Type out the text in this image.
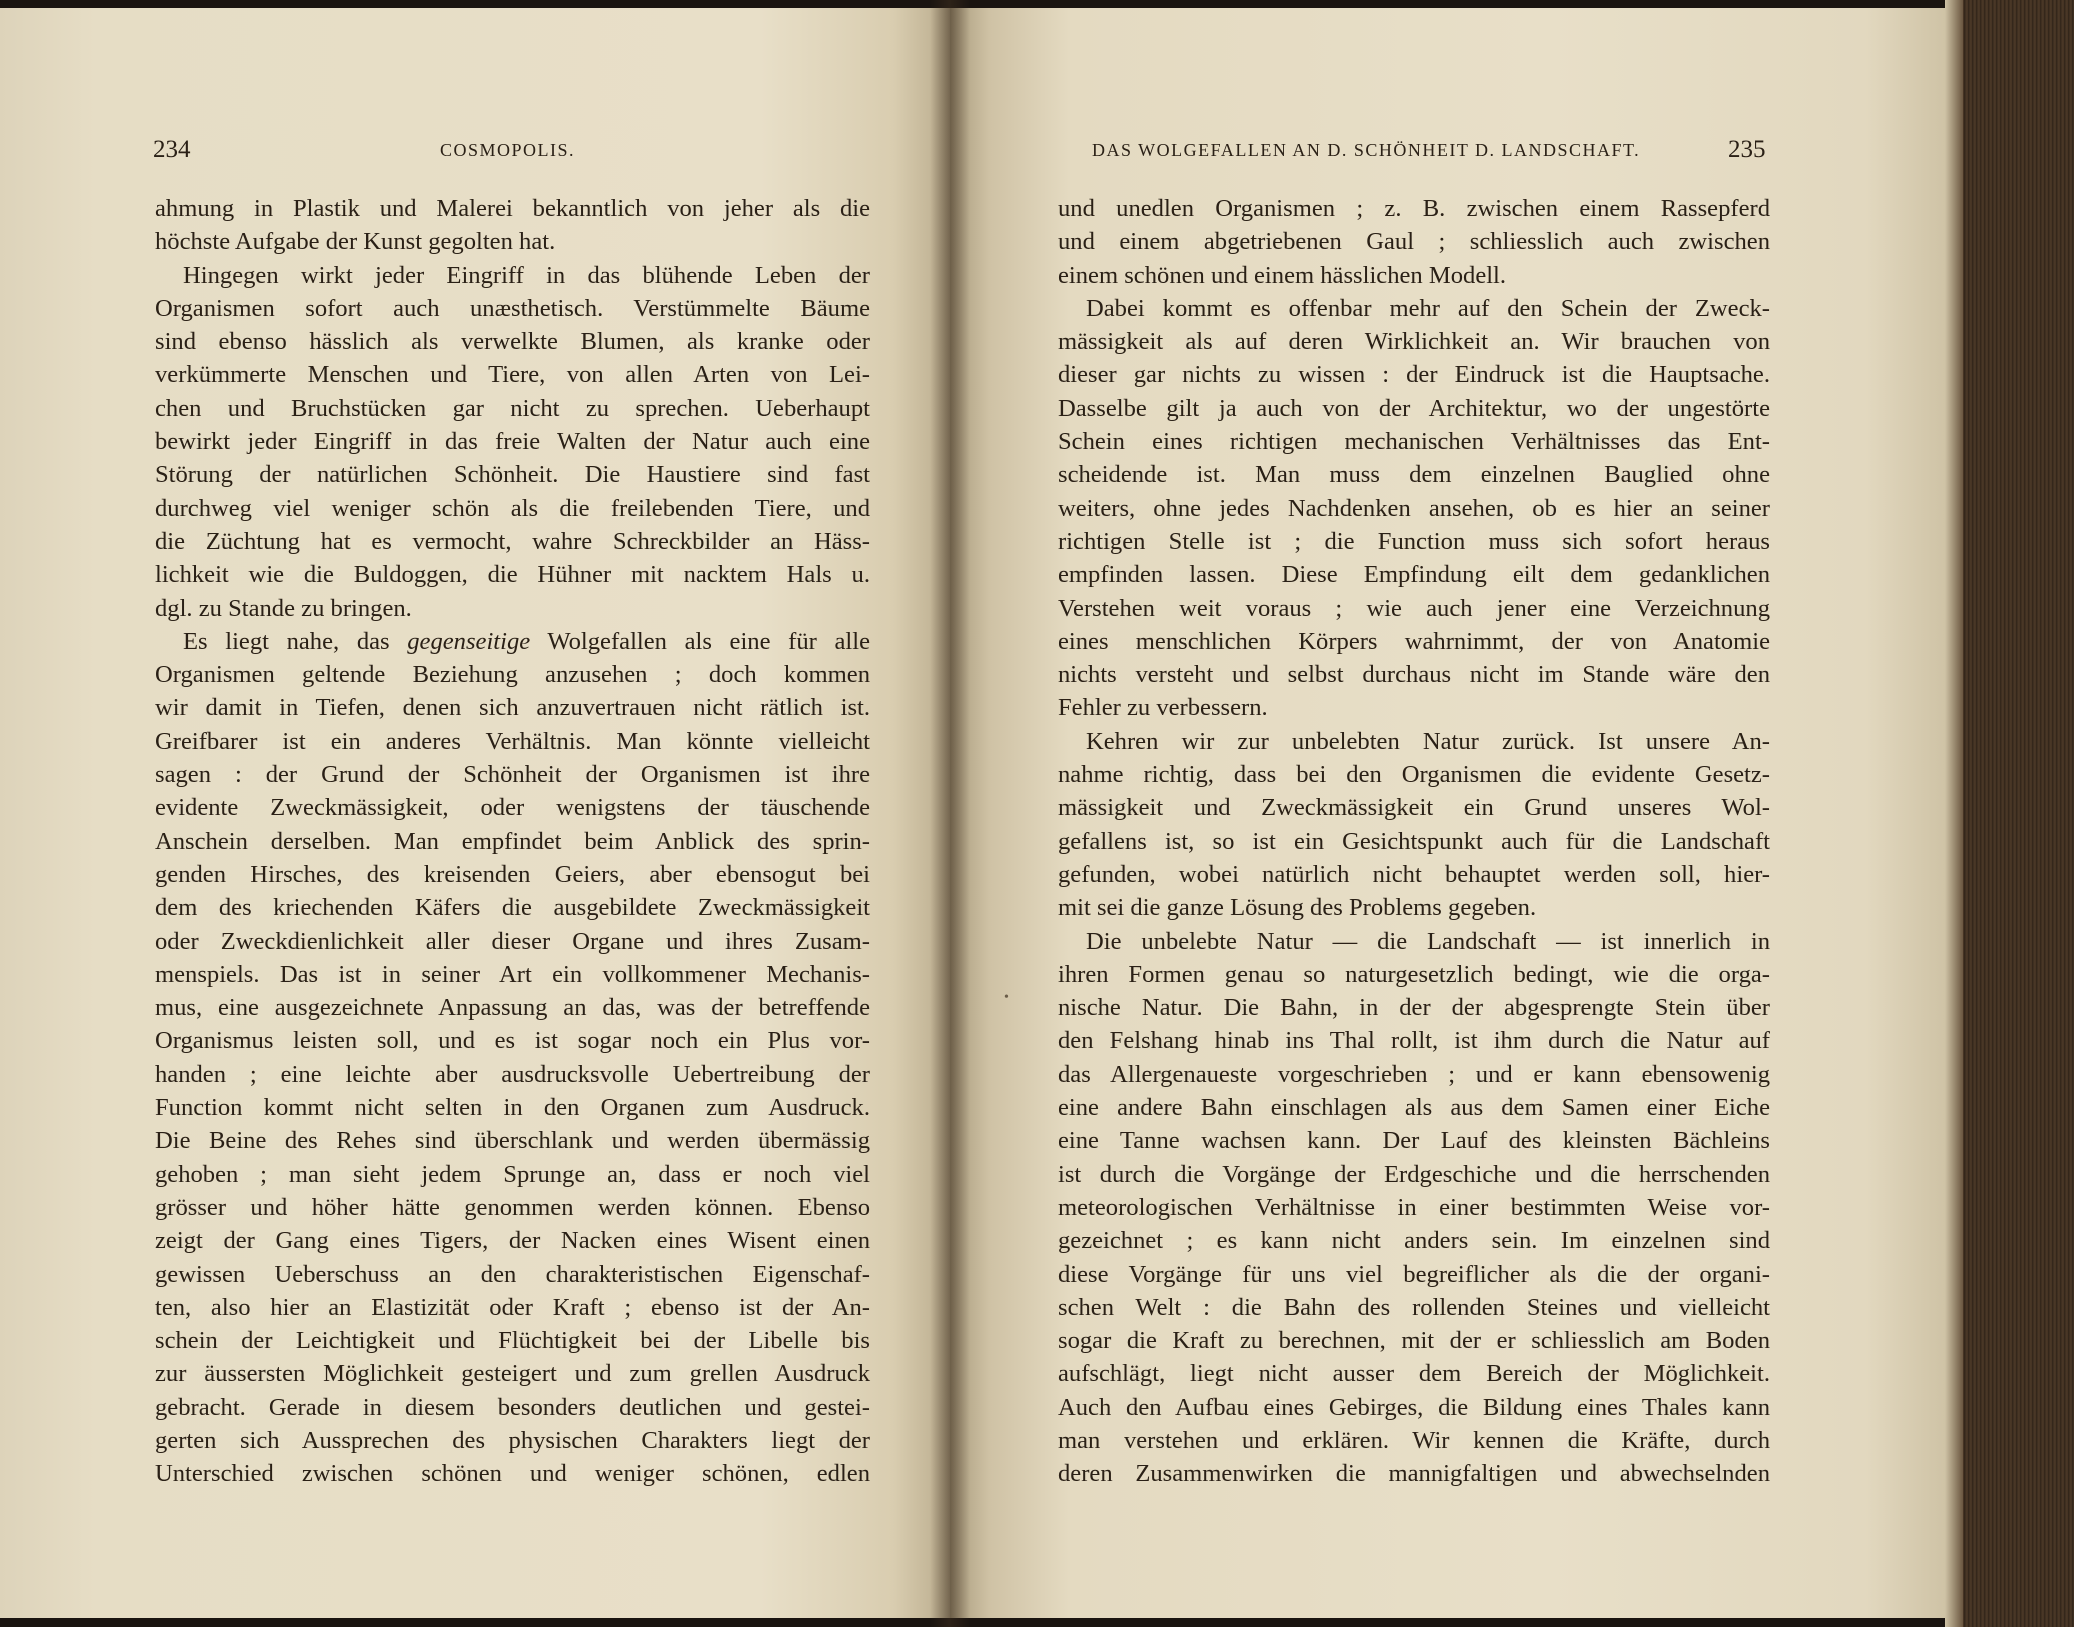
234	COSMOPOLIS.	DAS WOLGEFALLEN AN D. SCHÖNHEIT D. LANDSCHAFT.	235
ahmung in Plastik und Malerei bekanntlich von jeher als die
höchste Aufgabe der Kunst gegolten hat.
Hingegen wirkt jeder Eingriff in das blühende Leben der
Organismen sofort auch unæsthetisch. Verstümmelte Bäume
sind ebenso hässlich als verwelkte Blumen, als kranke oder
verkümmerte Menschen und Tiere, von allen Arten von Lei-
chen und Bruchstücken gar nicht zu sprechen. Ueberhaupt
bewirkt jeder Eingriff in das freie Walten der Natur auch eine
Störung der natürlichen Schönheit. Die Haustiere sind fast
durchweg viel weniger schön als die freilebenden Tiere, und
die Züchtung hat es vermocht, wahre Schreckbilder an Häss-
lichkeit wie die Buldoggen, die Hühner mit nacktem Hals u.
dgl. zu Stande zu bringen.
Es liegt nahe, das gegenseitige Wolgefallen als eine für alle
Organismen geltende Beziehung anzusehen ; doch kommen
wir damit in Tiefen, denen sich anzuvertrauen nicht rätlich ist.
Greifbarer ist ein anderes Verhältnis. Man könnte vielleicht
sagen : der Grund der Schönheit der Organismen ist ihre
evidente Zweckmässigkeit, oder wenigstens der täuschende
Anschein derselben. Man empfindet beim Anblick des sprin-
genden Hirsches, des kreisenden Geiers, aber ebensogut bei
dem des kriechenden Käfers die ausgebildete Zweckmässigkeit
oder Zweckdienlichkeit aller dieser Organe und ihres Zusam-
menspiels. Das ist in seiner Art ein vollkommener Mechanis-
mus, eine ausgezeichnete Anpassung an das, was der betreffende
Organismus leisten soll, und es ist sogar noch ein Plus vor-
handen ; eine leichte aber ausdrucksvolle Uebertreibung der
Function kommt nicht selten in den Organen zum Ausdruck.
Die Beine des Rehes sind überschlank und werden übermässig
gehoben ; man sieht jedem Sprunge an, dass er noch viel
grösser und höher hätte genommen werden können. Ebenso
zeigt der Gang eines Tigers, der Nacken eines Wisent einen
gewissen Ueberschuss an den charakteristischen Eigenschaf-
ten, also hier an Elastizität oder Kraft ; ebenso ist der An-
schein der Leichtigkeit und Flüchtigkeit bei der Libelle bis
zur äussersten Möglichkeit gesteigert und zum grellen Ausdruck
gebracht. Gerade in diesem besonders deutlichen und gestei-
gerten sich Aussprechen des physischen Charakters liegt der
Unterschied zwischen schönen und weniger schönen, edlen
und unedlen Organismen ; z. B. zwischen einem Rassepferd
und einem abgetriebenen Gaul ; schliesslich auch zwischen
einem schönen und einem hässlichen Modell.
Dabei kommt es offenbar mehr auf den Schein der Zweck-
mässigkeit als auf deren Wirklichkeit an. Wir brauchen von
dieser gar nichts zu wissen : der Eindruck ist die Hauptsache.
Dasselbe gilt ja auch von der Architektur, wo der ungestörte
Schein eines richtigen mechanischen Verhältnisses das Ent-
scheidende ist. Man muss dem einzelnen Bauglied ohne
weiters, ohne jedes Nachdenken ansehen, ob es hier an seiner
richtigen Stelle ist ; die Function muss sich sofort heraus
empfinden lassen. Diese Empfindung eilt dem gedanklichen
Verstehen weit voraus ; wie auch jener eine Verzeichnung
eines menschlichen Körpers wahrnimmt, der von Anatomie
nichts versteht und selbst durchaus nicht im Stande wäre den
Fehler zu verbessern.
Kehren wir zur unbelebten Natur zurück. Ist unsere An-
nahme richtig, dass bei den Organismen die evidente Gesetz-
mässigkeit und Zweckmässigkeit ein Grund unseres Wol-
gefallens ist, so ist ein Gesichtspunkt auch für die Landschaft
gefunden, wobei natürlich nicht behauptet werden soll, hier-
mit sei die ganze Lösung des Problems gegeben.
Die unbelebte Natur — die Landschaft — ist innerlich in
ihren Formen genau so naturgesetzlich bedingt, wie die orga-
nische Natur. Die Bahn, in der der abgesprengte Stein über
den Felshang hinab ins Thal rollt, ist ihm durch die Natur auf
das Allergenaueste vorgeschrieben ; und er kann ebensowenig
eine andere Bahn einschlagen als aus dem Samen einer Eiche
eine Tanne wachsen kann. Der Lauf des kleinsten Bächleins
ist durch die Vorgänge der Erdgeschiche und die herrschenden
meteorologischen Verhältnisse in einer bestimmten Weise vor-
gezeichnet ; es kann nicht anders sein. Im einzelnen sind
diese Vorgänge für uns viel begreiflicher als die der organi-
schen Welt : die Bahn des rollenden Steines und vielleicht
sogar die Kraft zu berechnen, mit der er schliesslich am Boden
aufschlägt, liegt nicht ausser dem Bereich der Möglichkeit.
Auch den Aufbau eines Gebirges, die Bildung eines Thales kann
man verstehen und erklären. Wir kennen die Kräfte, durch
deren Zusammenwirken die mannigfaltigen und abwechselnden
•
